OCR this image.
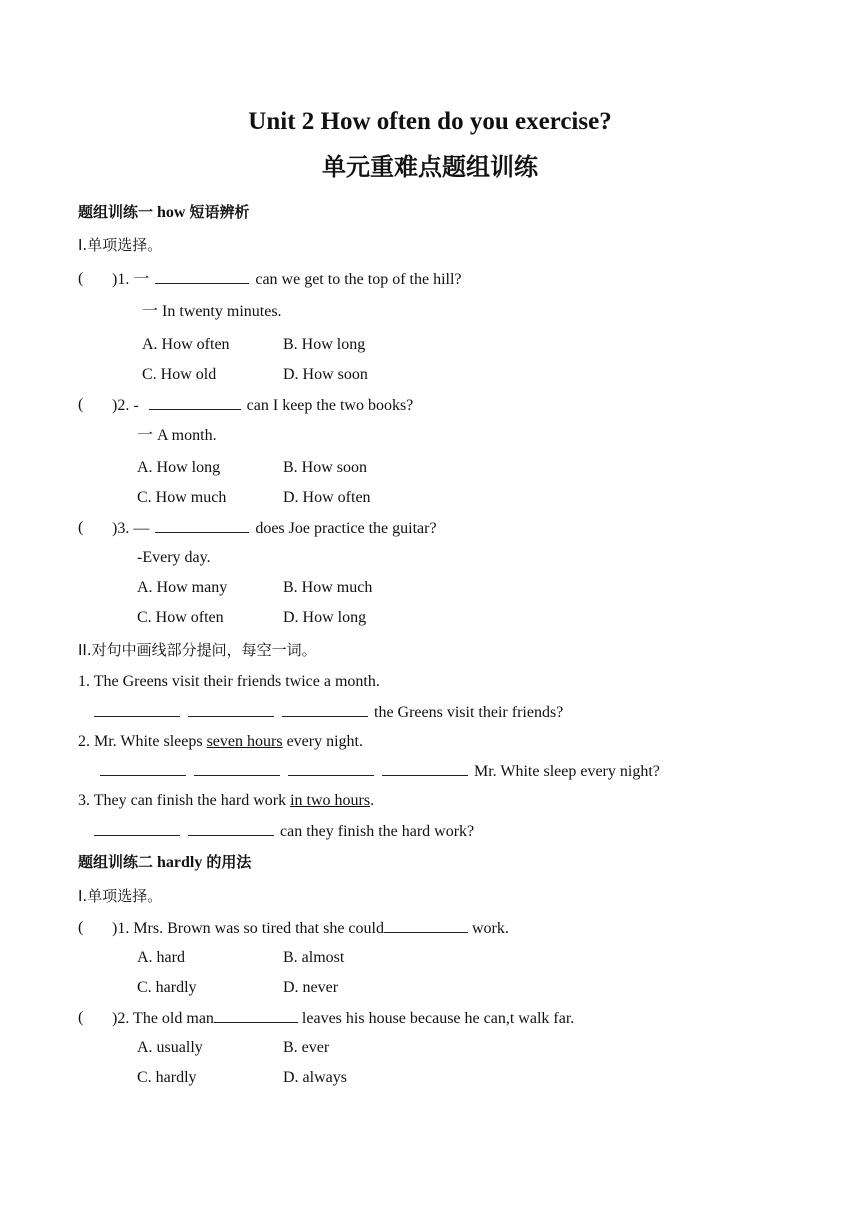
Unit 2 How often do you exercise?
单元重难点题组训练
题组训练一 how 短语辨析
I.单项选择。
( )1. 一	can we get to the top of the hill?
一 In twenty minutes.
A. How often	B. How long
C. How old	D. How soon
( )2. -	can I keep the two books?
一 A month.
A. How long	B. How soon
C. How much	D. How often
( )3. —	does Joe practice the guitar?
-Every day.
A. How many	B. How much
C. How often	D. How long
II.对句中画线部分提问，每空一词。
1. The Greens visit their friends twice a month.
the Greens visit their friends?
2. Mr. White sleeps seven hours every night.
Mr. White sleep every night?
3. They can finish the hard work in two hours.
can they finish the hard work?
题组训练二 hardly 的用法
I.单项选择。
( )1. Mrs. Brown was so tired that she could	work.
A. hard	B. almost
C. hardly	D. never
( )2. The old man	leaves his house because he can,t walk far.
A. usually	B. ever
C. hardly	D. always
